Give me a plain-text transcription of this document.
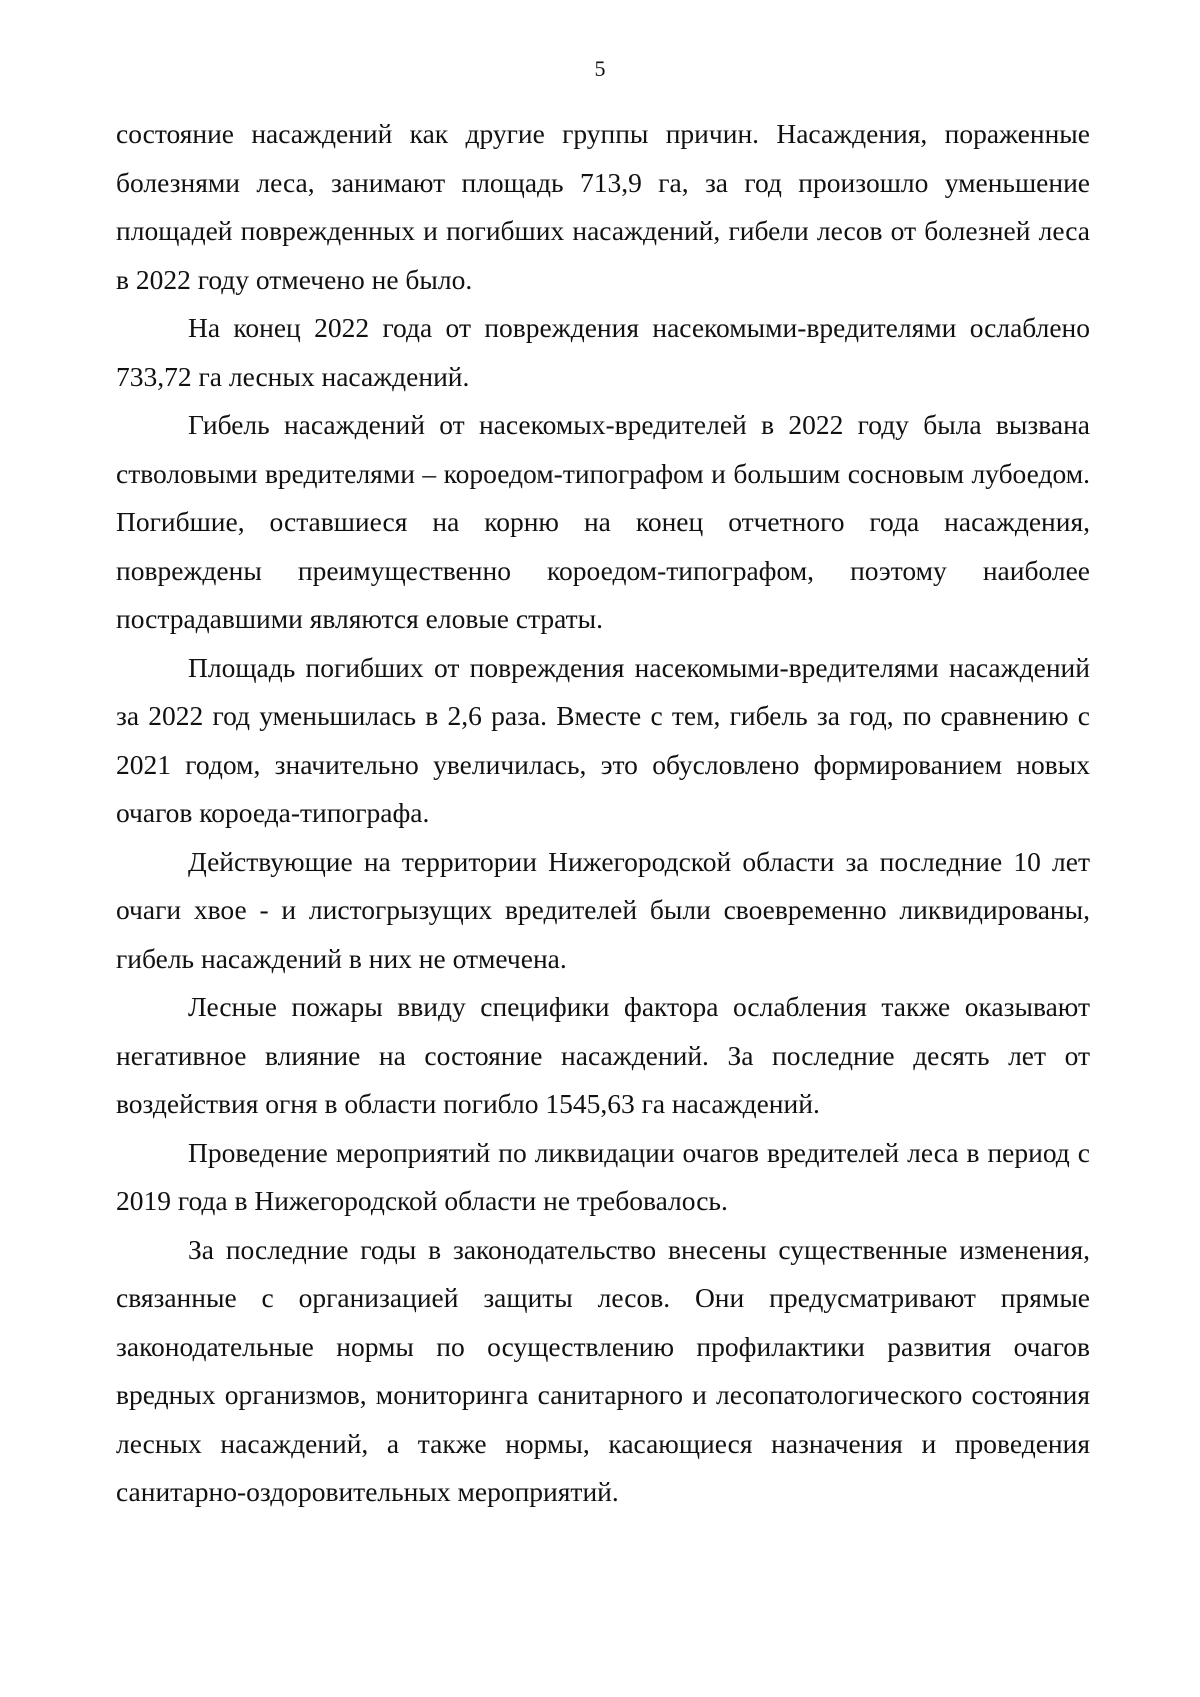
5

состояние насаждений как другие группы причин. Насаждения, пораженные болезнями леса, занимают площадь 713,9 га, за год произошло уменьшение площадей поврежденных и погибших насаждений, гибели лесов от болезней леса в 2022 году отмечено не было.

На конец 2022 года от повреждения насекомыми-вредителями ослаблено 733,72 га лесных насаждений.

Гибель насаждений от насекомых-вредителей в 2022 году была вызвана стволовыми вредителями – короедом-типографом и большим сосновым лубоедом. Погибшие, оставшиеся на корню на конец отчетного года насаждения, повреждены преимущественно короедом-типографом, поэтому наиболее пострадавшими являются еловые страты.

Площадь погибших от повреждения насекомыми-вредителями насаждений за 2022 год уменьшилась в 2,6 раза. Вместе с тем, гибель за год, по сравнению с 2021 годом, значительно увеличилась, это обусловлено формированием новых очагов короеда-типографа.

Действующие на территории Нижегородской области за последние 10 лет очаги хвое - и листогрызущих вредителей были своевременно ликвидированы, гибель насаждений в них не отмечена.

Лесные пожары ввиду специфики фактора ослабления также оказывают негативное влияние на состояние насаждений. За последние десять лет от воздействия огня в области погибло 1545,63 га насаждений.

Проведение мероприятий по ликвидации очагов вредителей леса в период с 2019 года в Нижегородской области не требовалось.

За последние годы в законодательство внесены существенные изменения, связанные с организацией защиты лесов. Они предусматривают прямые законодательные нормы по осуществлению профилактики развития очагов вредных организмов, мониторинга санитарного и лесопатологического состояния лесных насаждений, а также нормы, касающиеся назначения и проведения санитарно-оздоровительных мероприятий.
